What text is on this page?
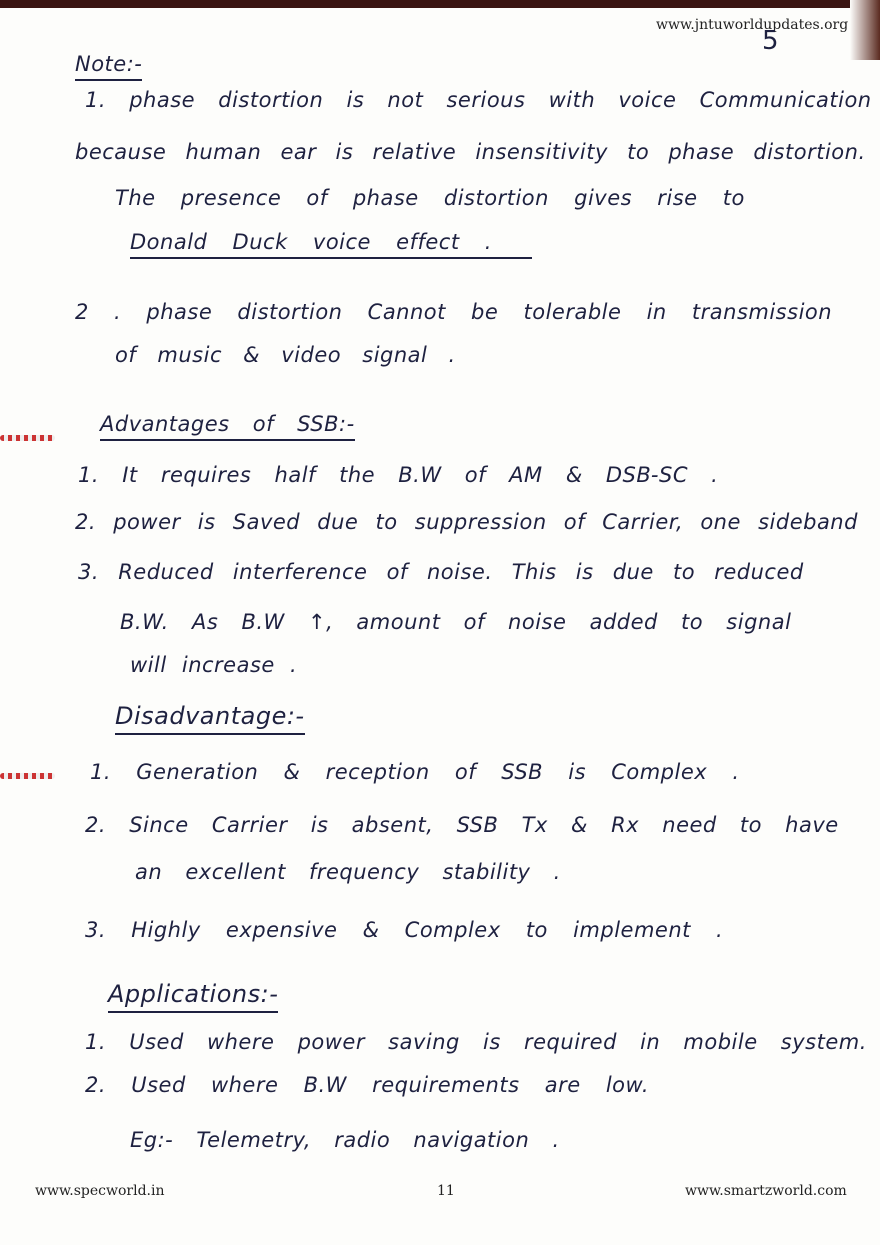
www.jntuworldupdates.org
5
Note:-
1. phase distortion is not serious with voice Communication
because human ear is relative insensitivity to phase distortion.
The presence of phase distortion gives rise to
Donald Duck voice effect .
2 . phase distortion Cannot be tolerable in transmission
of music & video signal .
Advantages of SSB:-
1. It requires half the B.W of AM & DSB-SC .
2. power is Saved due to suppression of Carrier, one sideband
3. Reduced interference of noise. This is due to reduced
B.W. As B.W ↑, amount of noise added to signal
will increase .
Disadvantage:-
1. Generation & reception of SSB is Complex .
2. Since Carrier is absent, SSB Tx & Rx need to have
an excellent frequency stability .
3. Highly expensive & Complex to implement .
Applications:-
1. Used where power saving is required in mobile system.
2. Used where B.W requirements are low.
Eg:- Telemetry, radio navigation .
www.specworld.in	11	www.smartzworld.com
